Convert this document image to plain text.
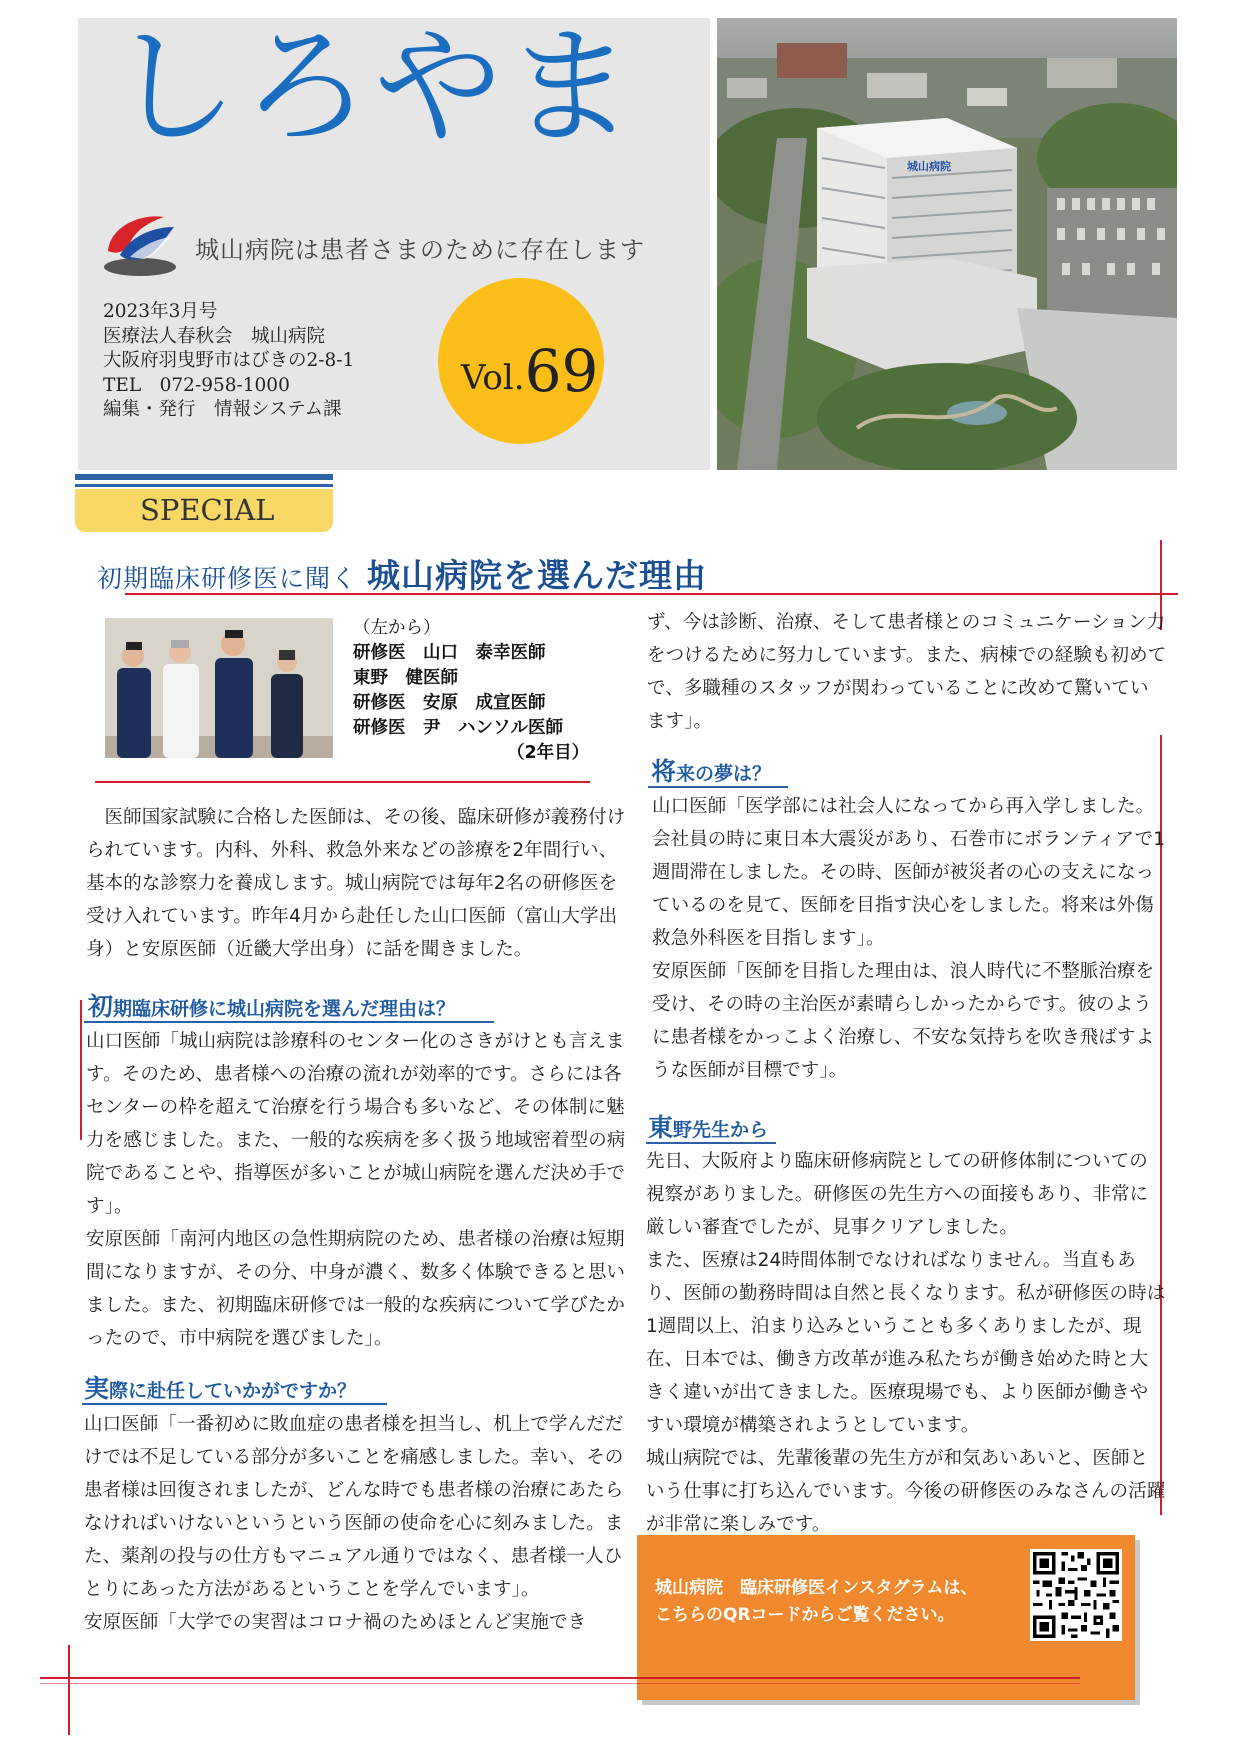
しろやま
城山病院は患者さまのために存在します
2023年3月号
医療法人春秋会　城山病院
大阪府羽曳野市はびきの2-8-1
TEL　072-958-1000
編集・発行　情報システム課
Vol.69
城山病院
SPECIAL
初期臨床研修医に聞く 城山病院を選んだ理由
（左から）
研修医　山口　泰幸医師
東野　健医師
研修医　安原　成宣医師
研修医　尹　ハンソル医師
（2年目）

医師国家試験に合格した医師は、その後、臨床研修が義務付けられています。内科、外科、救急外来などの診療を2年間行い、基本的な診察力を養成します。城山病院では毎年2名の研修医を受け入れています。昨年4月から赴任した山口医師（富山大学出身）と安原医師（近畿大学出身）に話を聞きました。

初期臨床研修に城山病院を選んだ理由は？

山口医師「城山病院は診療科のセンター化のさきがけとも言えます。そのため、患者様への治療の流れが効率的です。さらには各センターの枠を超えて治療を行う場合も多いなど、その体制に魅力を感じました。また、一般的な疾病を多く扱う地域密着型の病院であることや、指導医が多いことが城山病院を選んだ決め手です」。

安原医師「南河内地区の急性期病院のため、患者様の治療は短期間になりますが、その分、中身が濃く、数多く体験できると思いました。また、初期臨床研修では一般的な疾病について学びたかったので、市中病院を選びました」。

実際に赴任していかがですか？

山口医師「一番初めに敗血症の患者様を担当し、机上で学んだだけでは不足している部分が多いことを痛感しました。幸い、その患者様は回復されましたが、どんな時でも患者様の治療にあたらなければいけないというという医師の使命を心に刻みました。また、薬剤の投与の仕方もマニュアル通りではなく、患者様一人ひとりにあった方法があるということを学んでいます」。

安原医師「大学での実習はコロナ禍のためほとんど実施でき

ず、今は診断、治療、そして患者様とのコミュニケーション力をつけるために努力しています。また、病棟での経験も初めてで、多職種のスタッフが関わっていることに改めて驚いています」。

将来の夢は？

山口医師「医学部には社会人になってから再入学しました。会社員の時に東日本大震災があり、石巻市にボランティアで1週間滞在しました。その時、医師が被災者の心の支えになっているのを見て、医師を目指す決心をしました。将来は外傷救急外科医を目指します」。

安原医師「医師を目指した理由は、浪人時代に不整脈治療を受け、その時の主治医が素晴らしかったからです。彼のように患者様をかっこよく治療し、不安な気持ちを吹き飛ばすような医師が目標です」。

東野先生から

先日、大阪府より臨床研修病院としての研修体制についての視察がありました。研修医の先生方への面接もあり、非常に厳しい審査でしたが、見事クリアしました。

また、医療は24時間体制でなければなりません。当直もあり、医師の勤務時間は自然と長くなります。私が研修医の時は1週間以上、泊まり込みということも多くありましたが、現在、日本では、働き方改革が進み私たちが働き始めた時と大きく違いが出てきました。医療現場でも、より医師が働きやすい環境が構築されようとしています。

城山病院では、先輩後輩の先生方が和気あいあいと、医師という仕事に打ち込んでいます。今後の研修医のみなさんの活躍が非常に楽しみです。

城山病院　臨床研修医インスタグラムは、
こちらのQRコードからご覧ください。
